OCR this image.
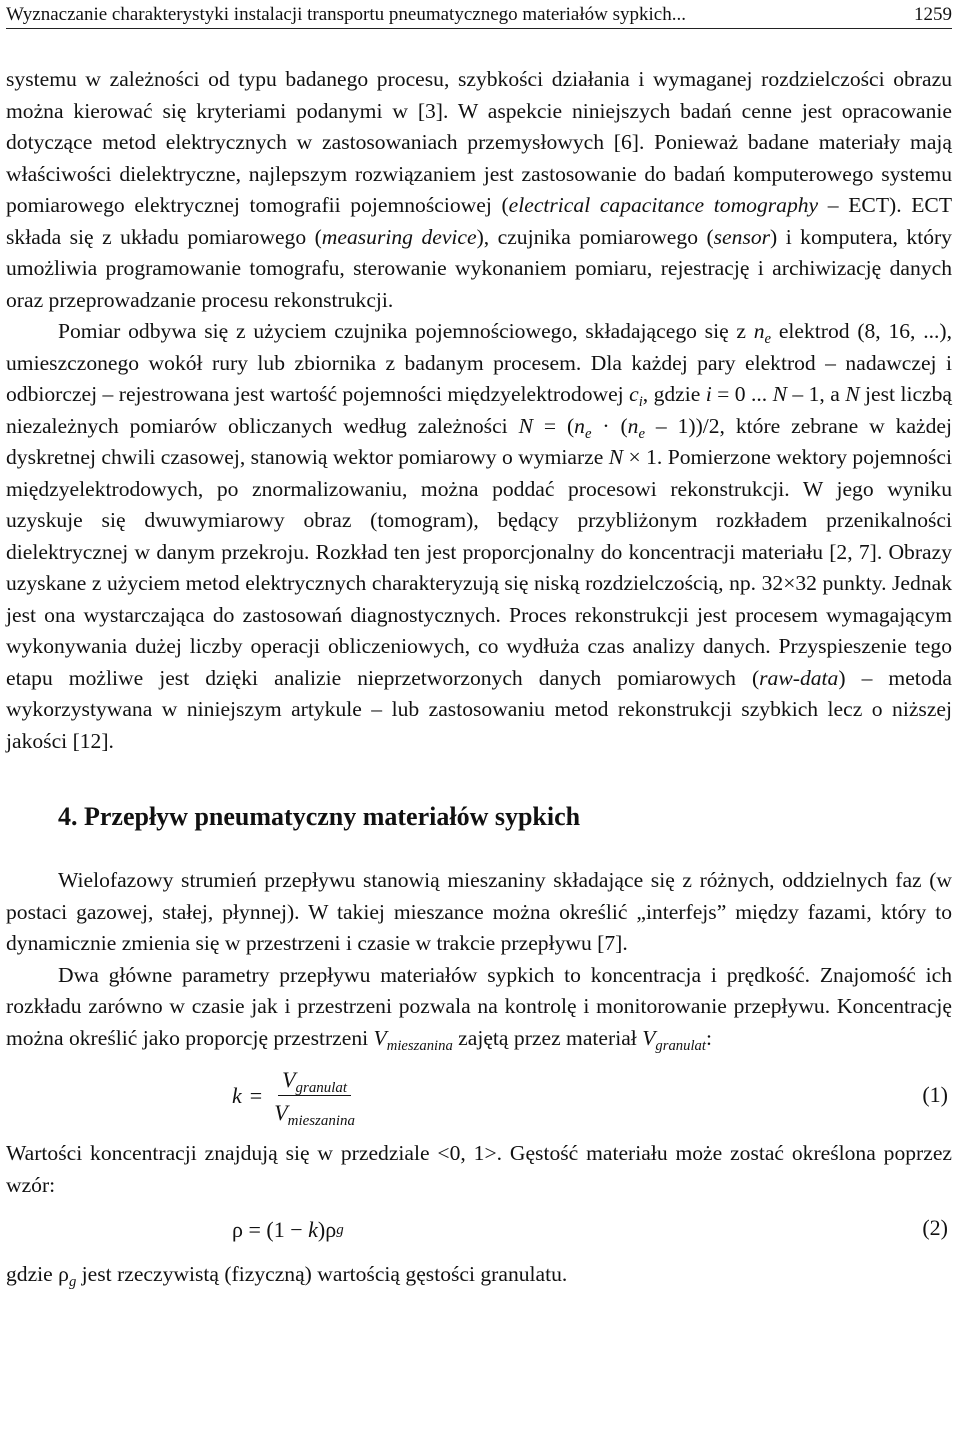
Wyznaczanie charakterystyki instalacji transportu pneumatycznego materiałów sypkich...	1259

systemu w zależności od typu badanego procesu, szybkości działania i wymaganej rozdzielczości obrazu można kierować się kryteriami podanymi w [3]. W aspekcie niniejszych badań cenne jest opracowanie dotyczące metod elektrycznych w zastosowaniach przemysłowych [6]. Ponieważ badane materiały mają właściwości dielektryczne, najlepszym rozwiązaniem jest zastosowanie do badań komputerowego systemu pomiarowego elektrycznej tomografii pojemnościowej (electrical capacitance tomography – ECT). ECT składa się z układu pomiarowego (measuring device), czujnika pomiarowego (sensor) i komputera, który umożliwia programowanie tomografu, sterowanie wykonaniem pomiaru, rejestrację i archiwizację danych oraz przeprowadzanie procesu rekonstrukcji.

Pomiar odbywa się z użyciem czujnika pojemnościowego, składającego się z $n_e$ elektrod (8, 16, ...), umieszczonego wokół rury lub zbiornika z badanym procesem. Dla każdej pary elektrod – nadawczej i odbiorczej – rejestrowana jest wartość pojemności międzyelektrodowej $c_i$, gdzie i = 0 ... N – 1, a N jest liczbą niezależnych pomiarów obliczanych według zależności $N = (n_e \cdot (n_e - 1))/2$, które zebrane w każdej dyskretnej chwili czasowej, stanowią wektor pomiarowy o wymiarze N × 1. Pomierzone wektory pojemności międzyelektrodowych, po znormalizowaniu, można poddać procesowi rekonstrukcji. W jego wyniku uzyskuje się dwuwymiarowy obraz (tomogram), będący przybliżonym rozkładem przenikalności dielektrycznej w danym przekroju. Rozkład ten jest proporcjonalny do koncentracji materiału [2, 7]. Obrazy uzyskane z użyciem metod elektrycznych charakteryzują się niską rozdzielczością, np. 32×32 punkty. Jednak jest ona wystarczająca do zastosowań diagnostycznych. Proces rekonstrukcji jest procesem wymagającym wykonywania dużej liczby operacji obliczeniowych, co wydłuża czas analizy danych. Przyspieszenie tego etapu możliwe jest dzięki analizie nieprzetworzonych danych pomiarowych (raw-data) – metoda wykorzystywana w niniejszym artykule – lub zastosowaniu metod rekonstrukcji szybkich lecz o niższej jakości [12].

4. Przepływ pneumatyczny materiałów sypkich

Wielofazowy strumień przepływu stanowią mieszaniny składające się z różnych, oddzielnych faz (w postaci gazowej, stałej, płynnej). W takiej mieszance można określić „interfejs” między fazami, który to dynamicznie zmienia się w przestrzeni i czasie w trakcie przepływu [7].

Dwa główne parametry przepływu materiałów sypkich to koncentracja i prędkość. Znajomość ich rozkładu zarówno w czasie jak i przestrzeni pozwala na kontrolę i monitorowanie przepływu. Koncentrację można określić jako proporcję przestrzeni $V_{mieszanina}$ zajętą przez materiał $V_{granulat}$:

$k = \frac{V_{granulat}}{V_{mieszanina}}$	(1)

Wartości koncentracji znajdują się w przedziale <0, 1>. Gęstość materiału może zostać określona poprzez wzór:

ρ = (1 − k )ρ g	(2)

gdzie $\rho_g$ jest rzeczywistą (fizyczną) wartością gęstości granulatu.
